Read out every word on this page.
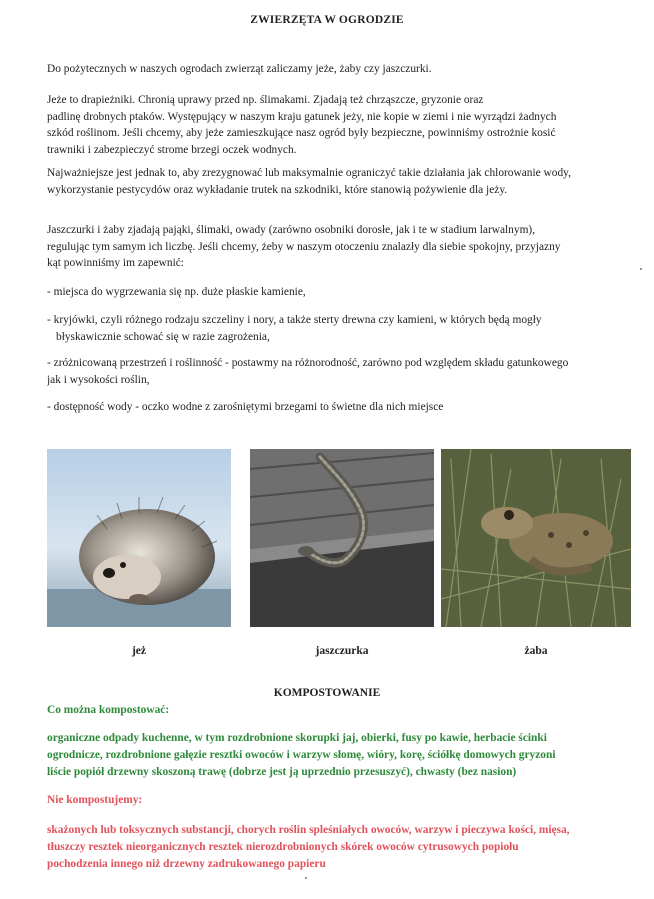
ZWIERZĘTA W OGRODZIE
Do pożytecznych w naszych ogrodach zwierząt zaliczamy jeże, żaby czy jaszczurki.
Jeże to drapieżniki. Chronią uprawy przed np. ślimakami. Zjadają też chrząszcze, gryzonie oraz
padlinę drobnych ptaków. Występujący w naszym kraju gatunek jeży, nie kopie w ziemi i nie wyrządzi żadnych
szkód roślinom. Jeśli chcemy, aby jeże zamieszkujące nasz ogród były bezpieczne, powinniśmy ostrożnie kosić
trawniki i zabezpieczyć strome brzegi oczek wodnych.
Najważniejsze jest jednak to, aby zrezygnować lub maksymalnie ograniczyć takie działania jak chlorowanie wody,
wykorzystanie pestycydów oraz wykładanie trutek na szkodniki, które stanowią pożywienie dla jeży.
Jaszczurki i żaby zjadają pająki, ślimaki, owady (zarówno osobniki dorosłe, jak i te w stadium larwalnym),
regulując tym samym ich liczbę. Jeśli chcemy, żeby w naszym otoczeniu znalazły dla siebie spokojny, przyjazny
kąt powinniśmy im zapewnić:
- miejsca do wygrzewania się np. duże płaskie kamienie,
- kryjówki, czyli różnego rodzaju szczeliny i nory, a także sterty drewna czy kamieni, w których będą mogły
błyskawicznie schować się w razie zagrożenia,
- zróżnicowaną przestrzeń i roślinność - postawmy na różnorodność, zarówno pod względem składu gatunkowego
jak i wysokości roślin,
- dostępność wody - oczko wodne z zarośniętymi brzegami to świetne dla nich miejsce
jeż	jaszczurka	żaba
KOMPOSTOWANIE
Co można kompostować:
organiczne odpady kuchenne, w tym rozdrobnione skorupki jaj, obierki, fusy po kawie, herbacie ścinki
ogrodnicze, rozdrobnione gałęzie resztki owoców i warzyw słomę, wióry, korę, ściółkę domowych gryzoni
liście popiół drzewny skoszoną trawę (dobrze jest ją uprzednio przesuszyć), chwasty (bez nasion)
Nie kompostujemy:
skażonych lub toksycznych substancji, chorych roślin spleśniałych owoców, warzyw i pieczywa kości, mięsa,
tłuszczy resztek nieorganicznych resztek nierozdrobnionych skórek owoców cytrusowych popiołu
pochodzenia innego niż drzewny zadrukowanego papieru
